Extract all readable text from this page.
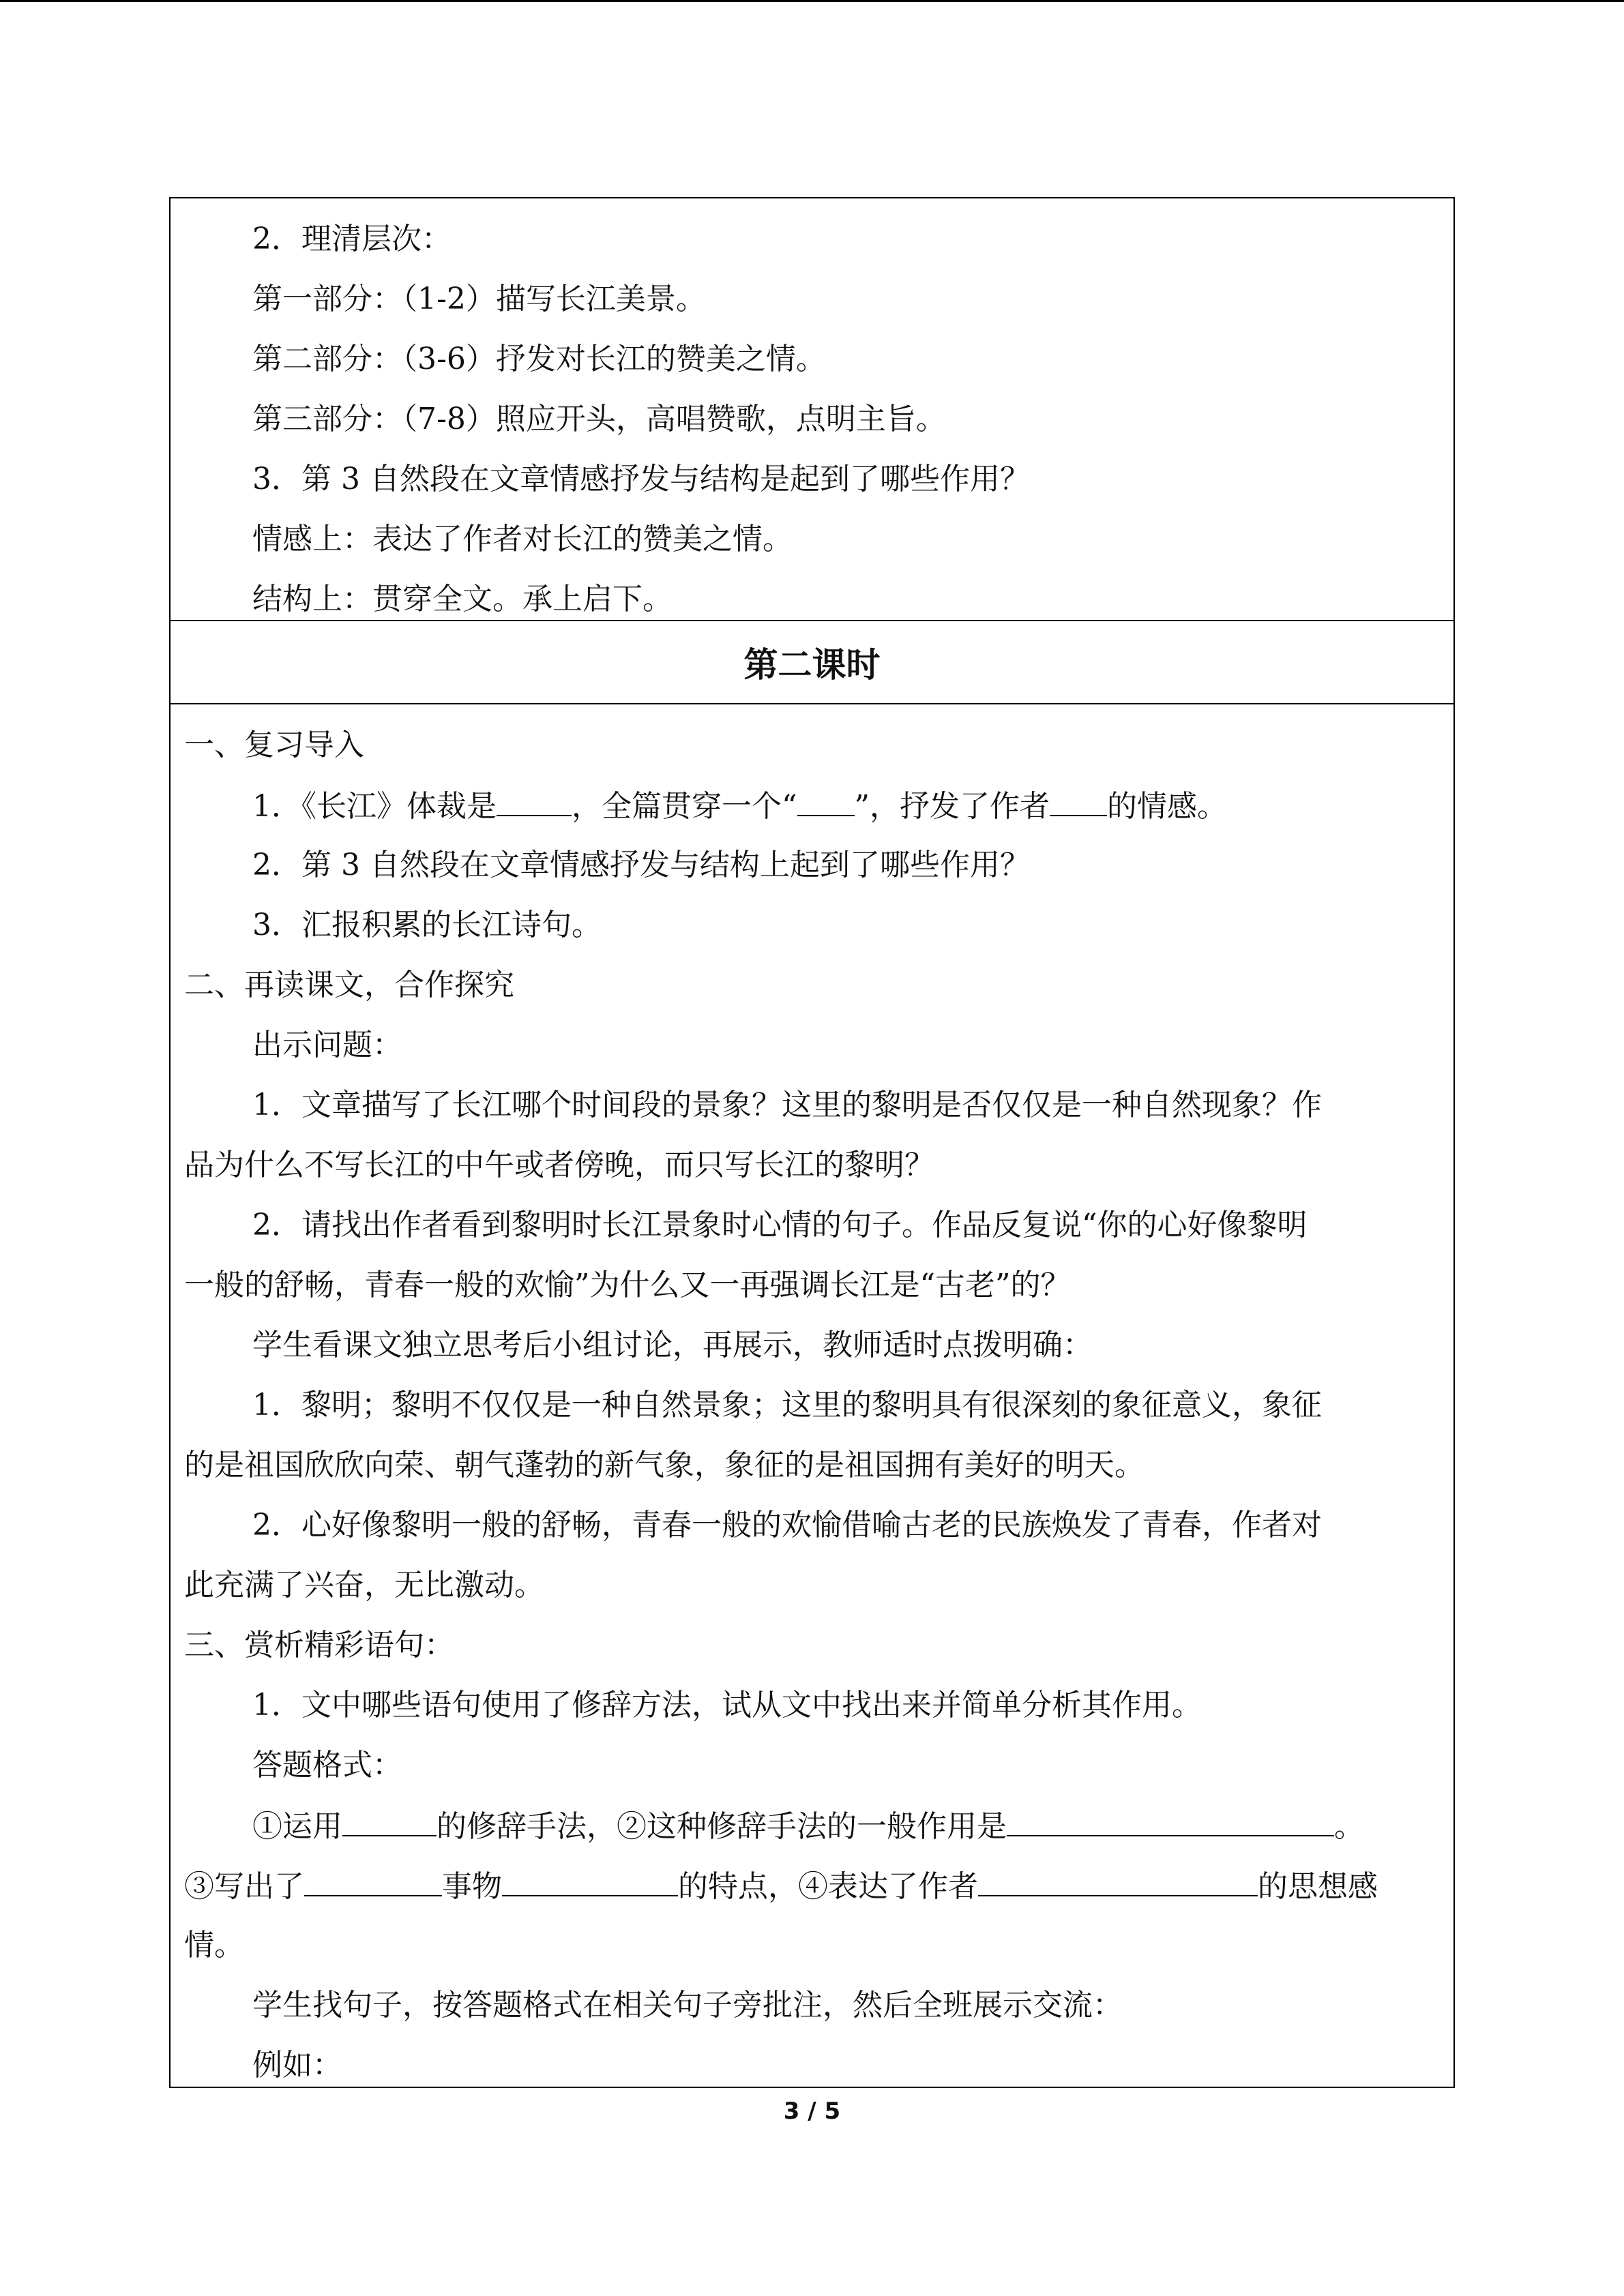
2．理清层次：
第一部分：（1-2）描写长江美景。
第二部分：（3-6）抒发对长江的赞美之情。
第三部分：（7-8）照应开头，高唱赞歌，点明主旨。
3．第 3 自然段在文章情感抒发与结构是起到了哪些作用？
情感上：表达了作者对长江的赞美之情。
结构上：贯穿全文。承上启下。
第二课时
一、复习导入
1．《长江》体裁是	，全篇贯穿一个“ ”，抒发了作者 的情感。
2．第 3 自然段在文章情感抒发与结构上起到了哪些作用？
3．汇报积累的长江诗句。
二、再读课文，合作探究
出示问题：
1．文章描写了长江哪个时间段的景象？这里的黎明是否仅仅是一种自然现象？作
品为什么不写长江的中午或者傍晚，而只写长江的黎明？
2．请找出作者看到黎明时长江景象时心情的句子。作品反复说“你的心好像黎明
一般的舒畅，青春一般的欢愉”为什么又一再强调长江是“古老”的？
学生看课文独立思考后小组讨论，再展示，教师适时点拨明确：
1．黎明；黎明不仅仅是一种自然景象；这里的黎明具有很深刻的象征意义，象征
的是祖国欣欣向荣、朝气蓬勃的新气象，象征的是祖国拥有美好的明天。
2．心好像黎明一般的舒畅，青春一般的欢愉借喻古老的民族焕发了青春，作者对
此充满了兴奋，无比激动。
三、赏析精彩语句：
1．文中哪些语句使用了修辞方法，试从文中找出来并简单分析其作用。
答题格式：
①运用	的修辞手法，②这种修辞手法的一般作用是	。
③写出了	事物	的特点，④表达了作者	的思想感
情。
学生找句子，按答题格式在相关句子旁批注，然后全班展示交流：
例如：
3 / 5
